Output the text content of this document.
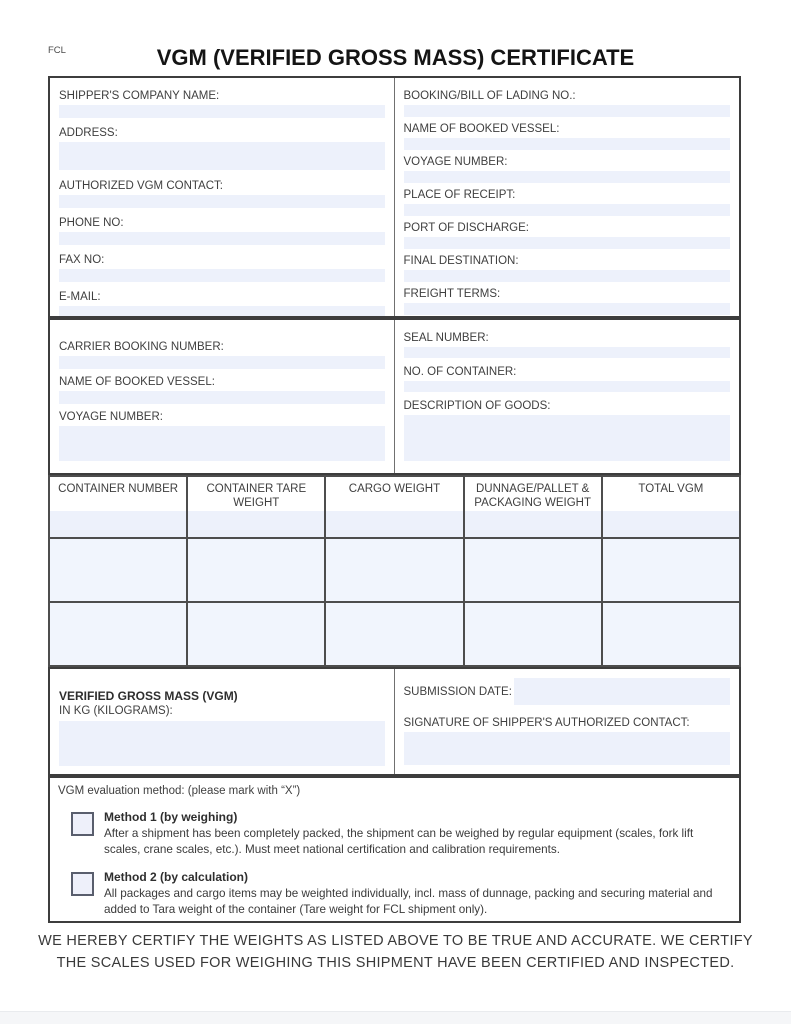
FCL	VGM (VERIFIED GROSS MASS) CERTIFICATE
SHIPPER'S COMPANY NAME:
ADDRESS:
AUTHORIZED VGM CONTACT:
PHONE NO:
FAX NO:
E-MAIL:
BOOKING/BILL OF LADING NO.:
NAME OF BOOKED VESSEL:
VOYAGE NUMBER:
PLACE OF RECEIPT:
PORT OF DISCHARGE:
FINAL DESTINATION:
FREIGHT TERMS:
CARRIER BOOKING NUMBER:
NAME OF BOOKED VESSEL:
VOYAGE NUMBER:
SEAL NUMBER:
NO. OF CONTAINER:
DESCRIPTION OF GOODS:
CONTAINER NUMBER	CONTAINER TARE WEIGHT	CARGO WEIGHT	DUNNAGE/PALLET & PACKAGING WEIGHT	TOTAL VGM

VERIFIED GROSS MASS (VGM)
IN KG (KILOGRAMS):
SUBMISSION DATE:
SIGNATURE OF SHIPPER'S AUTHORIZED CONTACT:
VGM evaluation method: (please mark with “X”)
Method 1 (by weighing)
After a shipment has been completely packed, the shipment can be weighed by regular equipment (scales, fork lift scales, crane scales, etc.). Must meet national certification and calibration requirements.
Method 2 (by calculation)
All packages and cargo items may be weighted individually, incl. mass of dunnage, packing and securing material and added to Tara weight of the container (Tare weight for FCL shipment only).
WE HEREBY CERTIFY THE WEIGHTS AS LISTED ABOVE TO BE TRUE AND ACCURATE. WE CERTIFY THE SCALES USED FOR WEIGHING THIS SHIPMENT HAVE BEEN CERTIFIED AND INSPECTED.
